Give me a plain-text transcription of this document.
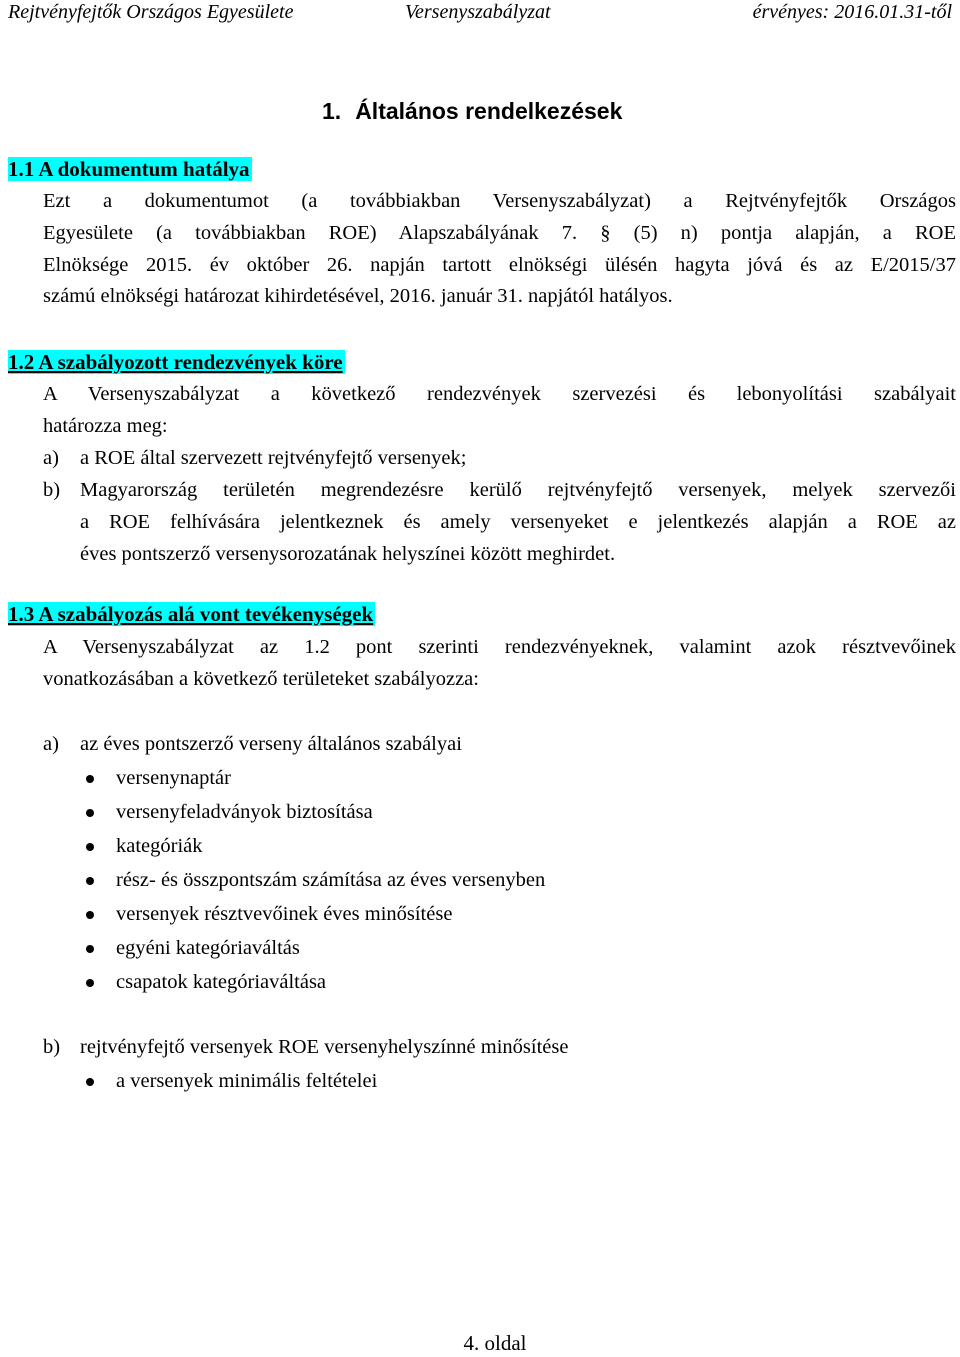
Rejtvényfejtők Országos Egyesülete	Versenyszabályzat	érvényes: 2016.01.31-től
1. Általános rendelkezések
1.1 A dokumentum hatálya
Ezt a dokumentumot (a továbbiakban Versenyszabályzat) a Rejtvényfejtők Országos
Egyesülete (a továbbiakban ROE) Alapszabályának 7. § (5) n) pontja alapján, a ROE
Elnöksége 2015. év október 26. napján tartott elnökségi ülésén hagyta jóvá és az E/2015/37
számú elnökségi határozat kihirdetésével, 2016. január 31. napjától hatályos.
1.2 A szabályozott rendezvények köre
A Versenyszabályzat a következő rendezvények szervezési és lebonyolítási szabályait
határozza meg:
a) a ROE által szervezett rejtvényfejtő versenyek;
b) Magyarország területén megrendezésre kerülő rejtvényfejtő versenyek, melyek szervezői
a ROE felhívására jelentkeznek és amely versenyeket e jelentkezés alapján a ROE az
éves pontszerző versenysorozatának helyszínei között meghirdet.
1.3 A szabályozás alá vont tevékenységek
A Versenyszabályzat az 1.2 pont szerinti rendezvényeknek, valamint azok résztvevőinek
vonatkozásában a következő területeket szabályozza:
a) az éves pontszerző verseny általános szabályai
versenynaptár
versenyfeladványok biztosítása
kategóriák
rész- és összpontszám számítása az éves versenyben
versenyek résztvevőinek éves minősítése
egyéni kategóriaváltás
csapatok kategóriaváltása
b) rejtvényfejtő versenyek ROE versenyhelyszínné minősítése
a versenyek minimális feltételei
4. oldal
